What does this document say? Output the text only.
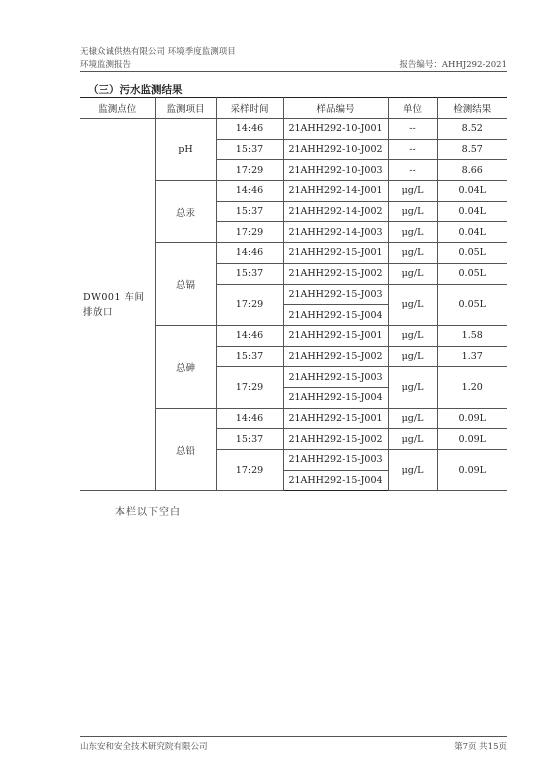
无棣众诚供热有限公司 环境季度监测项目
环境监测报告	报告编号：AHHJ292-2021
（三）污水监测结果
监测点位	监测项目	采样时间	样品编号	单位	检测结果
DW001 车间排放口	pH	14:46	21AHH292-10-J001	--	8.52
		15:37	21AHH292-10-J002	--	8.57
		17:29	21AHH292-10-J003	--	8.66
	总汞	14:46	21AHH292-14-J001	μg/L	0.04L
		15:37	21AHH292-14-J002	μg/L	0.04L
		17:29	21AHH292-14-J003	μg/L	0.04L
	总镉	14:46	21AHH292-15-J001	μg/L	0.05L
		15:37	21AHH292-15-J002	μg/L	0.05L
		17:29	21AHH292-15-J003	μg/L	0.05L
			21AHH292-15-J004		
	总砷	14:46	21AHH292-15-J001	μg/L	1.58
		15:37	21AHH292-15-J002	μg/L	1.37
		17:29	21AHH292-15-J003	μg/L	1.20
			21AHH292-15-J004		
	总铅	14:46	21AHH292-15-J001	μg/L	0.09L
		15:37	21AHH292-15-J002	μg/L	0.09L
		17:29	21AHH292-15-J003	μg/L	0.09L
			21AHH292-15-J004		
本栏以下空白
山东安和安全技术研究院有限公司	第7页 共15页
